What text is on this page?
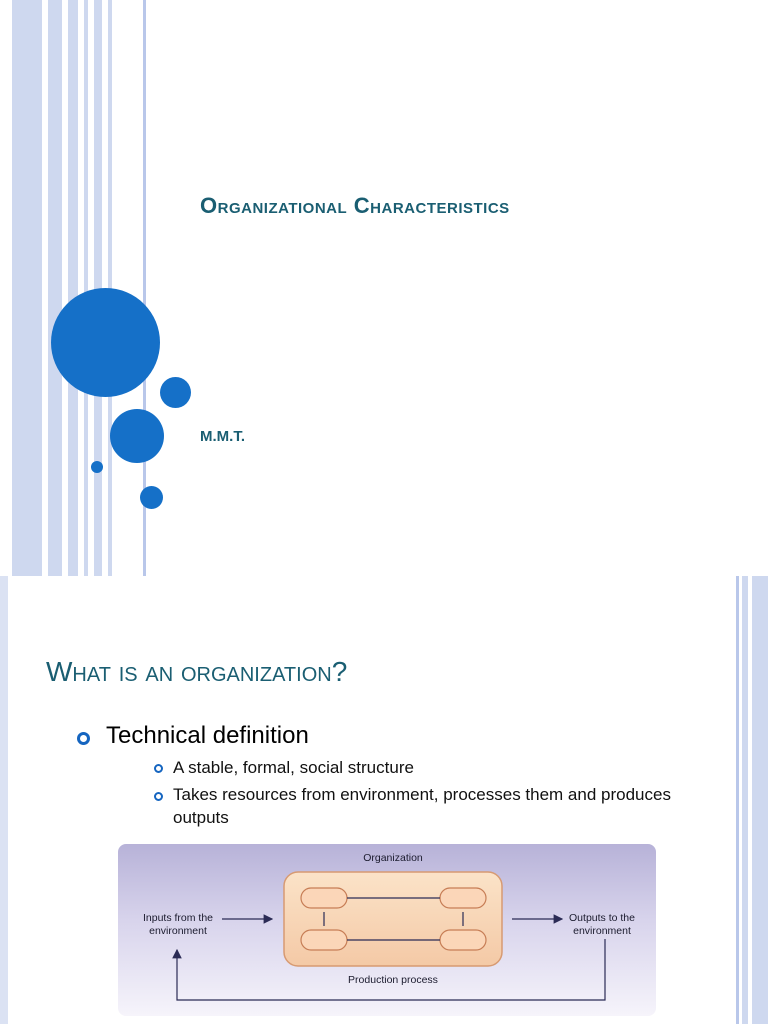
Organizational Characteristics
M.M.T.
What is an organization?
Technical definition
A stable, formal, social structure
Takes resources from environment, processes them and produces outputs
Organization
Inputs from the environment
Outputs to the environment
Production process
